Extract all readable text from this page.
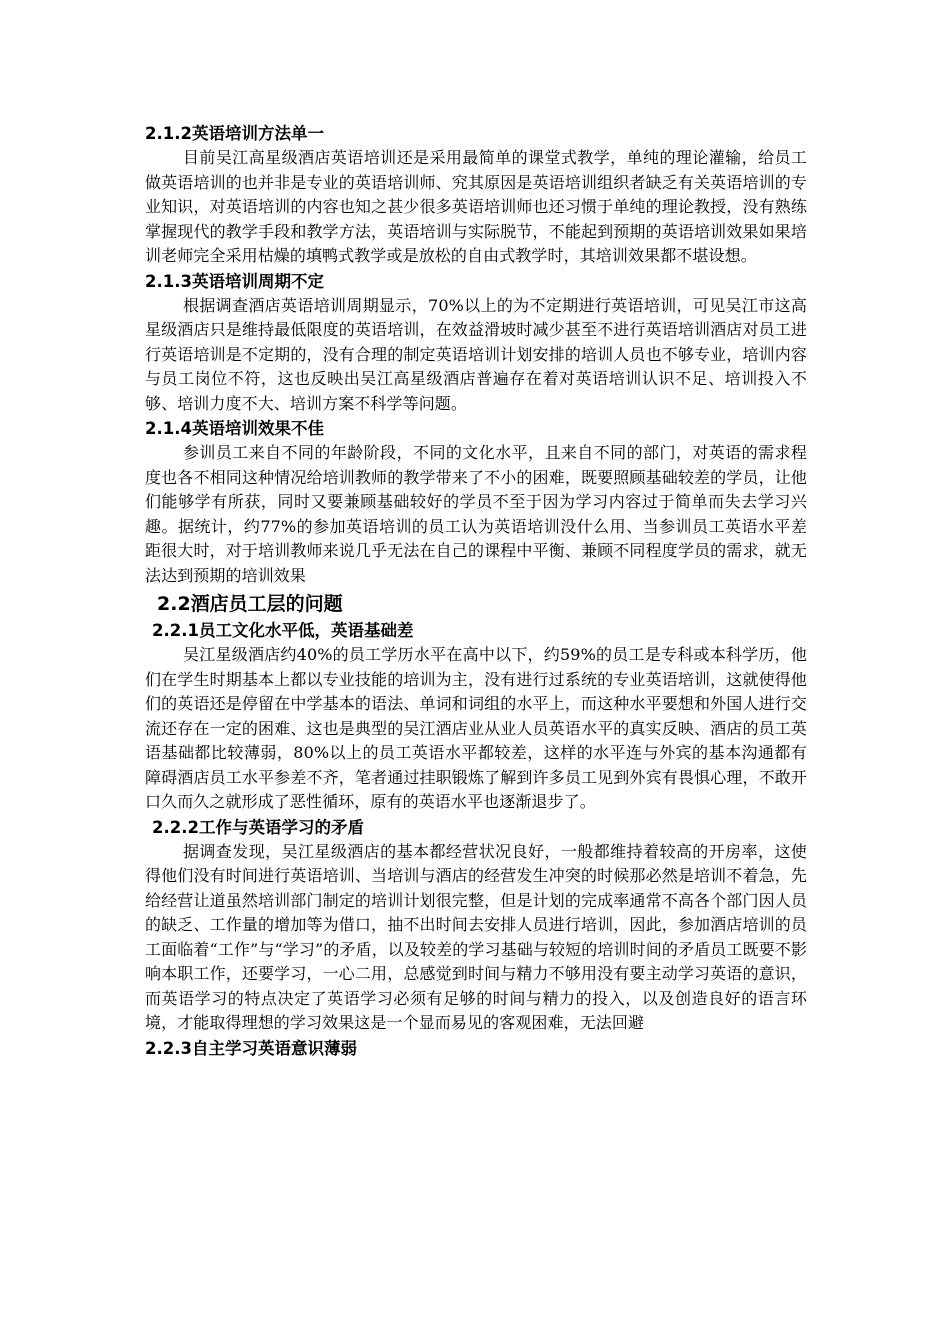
2.1.2英语培训方法单一

目前吴江高星级酒店英语培训还是采用最简单的课堂式教学，单纯的理论灌输，给员工做英语培训的也并非是专业的英语培训师、究其原因是英语培训组织者缺乏有关英语培训的专业知识，对英语培训的内容也知之甚少很多英语培训师也还习惯于单纯的理论教授，没有熟练掌握现代的教学手段和教学方法，英语培训与实际脱节，不能起到预期的英语培训效果如果培训老师完全采用枯燥的填鸭式教学或是放松的自由式教学时，其培训效果都不堪设想。

2.1.3英语培训周期不定

根据调查酒店英语培训周期显示，70%以上的为不定期进行英语培训，可见吴江市这高星级酒店只是维持最低限度的英语培训，在效益滑坡时减少甚至不进行英语培训酒店对员工进行英语培训是不定期的，没有合理的制定英语培训计划安排的培训人员也不够专业，培训内容与员工岗位不符，这也反映出吴江高星级酒店普遍存在着对英语培训认识不足、培训投入不够、培训力度不大、培训方案不科学等问题。

2.1.4英语培训效果不佳

参训员工来自不同的年龄阶段，不同的文化水平，且来自不同的部门，对英语的需求程度也各不相同这种情况给培训教师的教学带来了不小的困难，既要照顾基础较差的学员，让他们能够学有所获，同时又要兼顾基础较好的学员不至于因为学习内容过于简单而失去学习兴趣。据统计，约77%的参加英语培训的员工认为英语培训没什么用、当参训员工英语水平差距很大时，对于培训教师来说几乎无法在自己的课程中平衡、兼顾不同程度学员的需求，就无法达到预期的培训效果

2.2酒店员工层的问题
2.2.1员工文化水平低，英语基础差

吴江星级酒店约40%的员工学历水平在高中以下，约59%的员工是专科或本科学历，他们在学生时期基本上都以专业技能的培训为主，没有进行过系统的专业英语培训，这就使得他们的英语还是停留在中学基本的语法、单词和词组的水平上，而这种水平要想和外国人进行交流还存在一定的困难、这也是典型的吴江酒店业从业人员英语水平的真实反映、酒店的员工英语基础都比较薄弱，80%以上的员工英语水平都较差，这样的水平连与外宾的基本沟通都有障碍酒店员工水平参差不齐，笔者通过挂职锻炼了解到许多员工见到外宾有畏惧心理，不敢开口久而久之就形成了恶性循环，原有的英语水平也逐渐退步了。

2.2.2工作与英语学习的矛盾

据调查发现，吴江星级酒店的基本都经营状况良好，一般都维持着较高的开房率，这使得他们没有时间进行英语培训、当培训与酒店的经营发生冲突的时候那必然是培训不着急，先给经营让道虽然培训部门制定的培训计划很完整，但是计划的完成率通常不高各个部门因人员的缺乏、工作量的增加等为借口，抽不出时间去安排人员进行培训，因此，参加酒店培训的员工面临着“工作”与“学习”的矛盾，以及较差的学习基础与较短的培训时间的矛盾员工既要不影响本职工作，还要学习，一心二用，总感觉到时间与精力不够用没有要主动学习英语的意识，而英语学习的特点决定了英语学习必须有足够的时间与精力的投入，以及创造良好的语言环境，才能取得理想的学习效果这是一个显而易见的客观困难，无法回避

2.2.3自主学习英语意识薄弱
